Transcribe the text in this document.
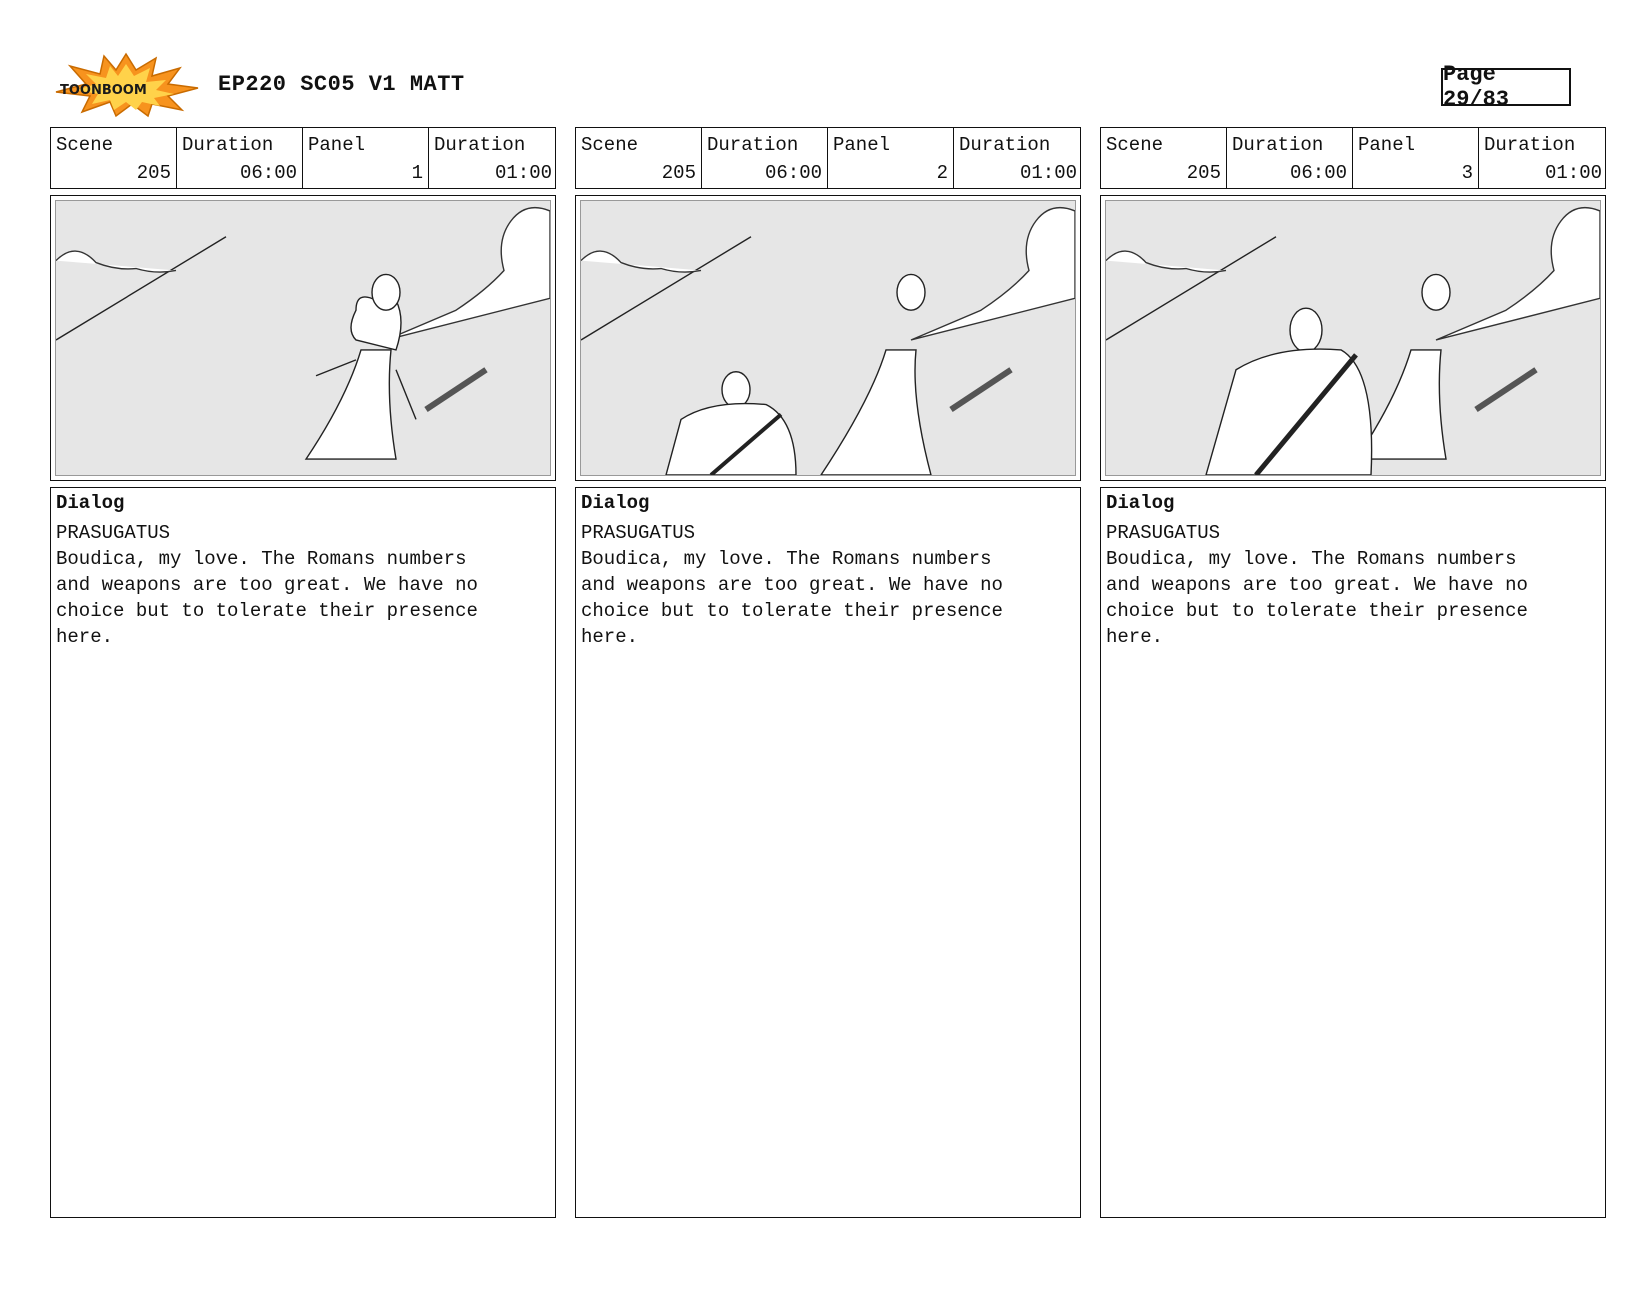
TOONBOOM	EP220 SC05 V1 MATT	Page 29/83
Scene
205
Duration
06:00
Panel
1
Duration
01:00
Dialog
PRASUGATUS
Boudica, my love. The Romans numbers
and weapons are too great. We have no
choice but to tolerate their presence
here.
Scene
205
Duration
06:00
Panel
2
Duration
01:00
Dialog
PRASUGATUS
Boudica, my love. The Romans numbers
and weapons are too great. We have no
choice but to tolerate their presence
here.
Scene
205
Duration
06:00
Panel
3
Duration
01:00
Dialog
PRASUGATUS
Boudica, my love. The Romans numbers
and weapons are too great. We have no
choice but to tolerate their presence
here.
